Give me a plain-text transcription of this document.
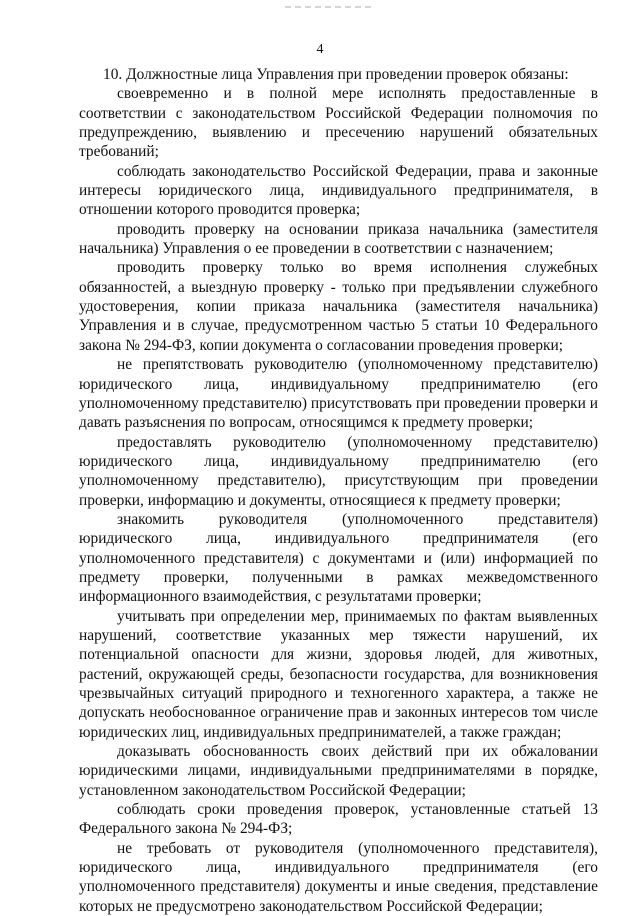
4

10. Должностные лица Управления при проведении проверок обязаны:

своевременно и в полной мере исполнять предоставленные в соответствии с законодательством Российской Федерации полномочия по предупреждению, выявлению и пресечению нарушений обязательных требований;

соблюдать законодательство Российской Федерации, права и законные интересы юридического лица, индивидуального предпринимателя, в отношении которого проводится проверка;

проводить проверку на основании приказа начальника (заместителя начальника) Управления о ее проведении в соответствии с назначением;

проводить проверку только во время исполнения служебных обязанностей, а выездную проверку - только при предъявлении служебного удостоверения, копии приказа начальника (заместителя начальника) Управления и в случае, предусмотренном частью 5 статьи 10 Федерального закона № 294-ФЗ, копии документа о согласовании проведения проверки;

не препятствовать руководителю (уполномоченному представителю) юридического лица, индивидуальному предпринимателю (его уполномоченному представителю) присутствовать при проведении проверки и давать разъяснения по вопросам, относящимся к предмету проверки;

предоставлять руководителю (уполномоченному представителю) юридического лица, индивидуальному предпринимателю (его уполномоченному представителю), присутствующим при проведении проверки, информацию и документы, относящиеся к предмету проверки;

знакомить руководителя (уполномоченного представителя) юридического лица, индивидуального предпринимателя (его уполномоченного представителя) с документами и (или) информацией по предмету проверки, полученными в рамках межведомственного информационного взаимодействия, с результатами проверки;

учитывать при определении мер, принимаемых по фактам выявленных нарушений, соответствие указанных мер тяжести нарушений, их потенциальной опасности для жизни, здоровья людей, для животных, растений, окружающей среды, безопасности государства, для возникновения чрезвычайных ситуаций природного и техногенного характера, а также не допускать необоснованное ограничение прав и законных интересов том числе юридических лиц, индивидуальных предпринимателей, а также граждан;

доказывать обоснованность своих действий при их обжаловании юридическими лицами, индивидуальными предпринимателями в порядке, установленном законодательством Российской Федерации;

соблюдать сроки проведения проверок, установленные статьей 13 Федерального закона № 294-ФЗ;

не требовать от руководителя (уполномоченного представителя), юридического лица, индивидуального предпринимателя (его уполномоченного представителя) документы и иные сведения, представление которых не предусмотрено законодательством Российской Федерации;
